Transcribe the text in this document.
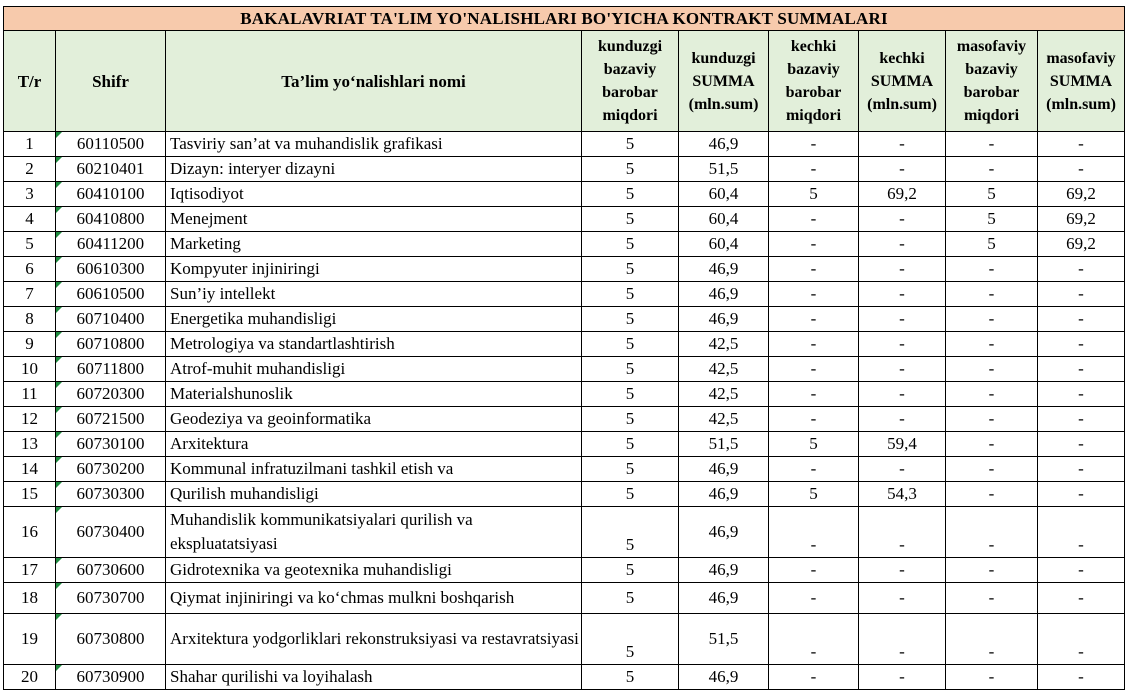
BAKALAVRIAT TA'LIM YO'NALISHLARI BO'YICHA KONTRAKT SUMMALARI								
T/r	Shifr	Ta’lim yo‘nalishlari nomi	kunduzgi bazaviy barobar miqdori	kunduzgi SUMMA (mln.sum)	kechki bazaviy barobar miqdori	kechki SUMMA (mln.sum)	masofaviy bazaviy barobar miqdori	masofaviy SUMMA (mln.sum)
1	60110500	Tasviriy san’at va muhandislik grafikasi	5	46,9	-	-	-	-
2	60210401	Dizayn: interyer dizayni	5	51,5	-	-	-	-
3	60410100	Iqtisodiyot	5	60,4	5	69,2	5	69,2
4	60410800	Menejment	5	60,4	-	-	5	69,2
5	60411200	Marketing	5	60,4	-	-	5	69,2
6	60610300	Kompyuter injiniringi	5	46,9	-	-	-	-
7	60610500	Sun’iy intellekt	5	46,9	-	-	-	-
8	60710400	Energetika muhandisligi	5	46,9	-	-	-	-
9	60710800	Metrologiya va standartlashtirish	5	42,5	-	-	-	-
10	60711800	Atrof-muhit muhandisligi	5	42,5	-	-	-	-
11	60720300	Materialshunoslik	5	42,5	-	-	-	-
12	60721500	Geodeziya va geoinformatika	5	42,5	-	-	-	-
13	60730100	Arxitektura	5	51,5	5	59,4	-	-
14	60730200	Kommunal infratuzilmani tashkil etish va	5	46,9	-	-	-	-
15	60730300	Qurilish muhandisligi	5	46,9	5	54,3	-	-
16	60730400	Muhandislik kommunikatsiyalari qurilish va ekspluatatsiyasi	5	46,9	-	-	-	-
17	60730600	Gidrotexnika va geotexnika muhandisligi	5	46,9	-	-	-	-
18	60730700	Qiymat injiniringi va ko‘chmas mulkni boshqarish	5	46,9	-	-	-	-
19	60730800	Arxitektura yodgorliklari rekonstruksiyasi va restavratsiyasi	5	51,5	-	-	-	-
20	60730900	Shahar qurilishi va loyihalash	5	46,9	-	-	-	-
